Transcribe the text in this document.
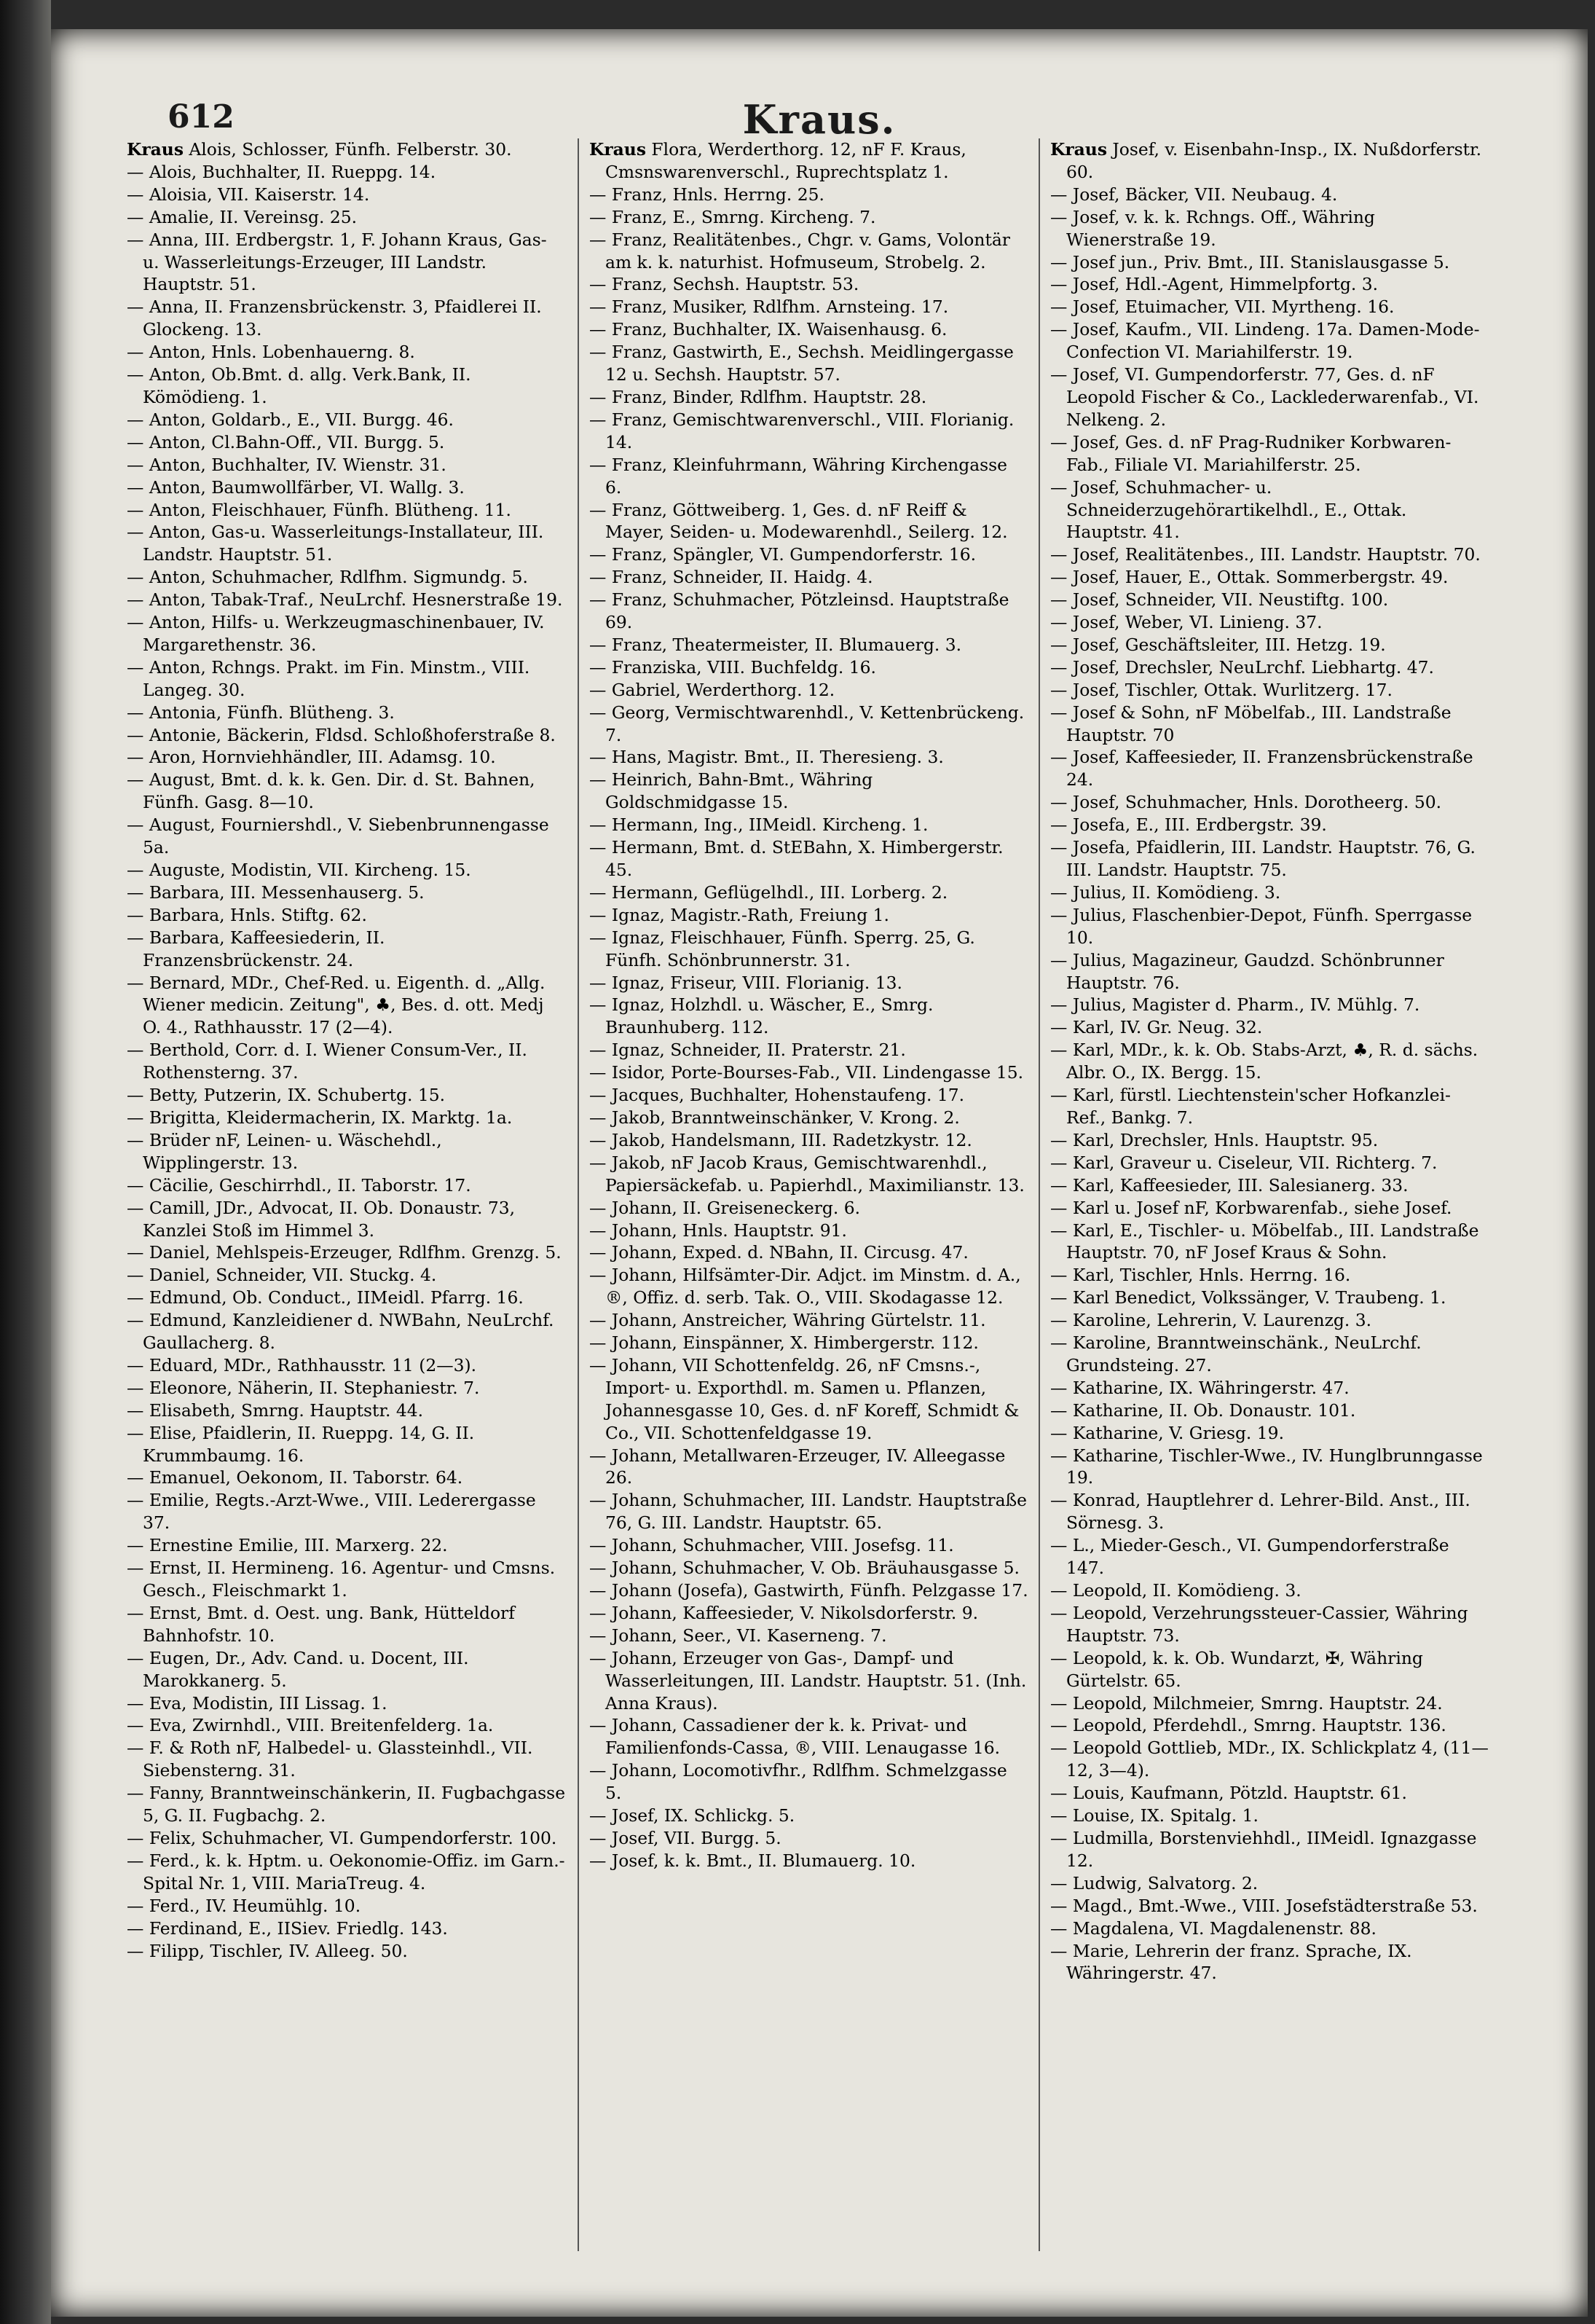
612	Kraus.

Kraus Alois, Schlosser, Fünfh. Felberstr. 30.

— Alois, Buchhalter, II. Rueppg. 14.

— Aloisia, VII. Kaiserstr. 14.

— Amalie, II. Vereinsg. 25.

— Anna, III. Erdbergstr. 1, F. Johann Kraus, Gas- u. Wasserleitungs-Erzeuger, III Landstr. Hauptstr. 51.

— Anna, II. Franzensbrückenstr. 3, Pfaidlerei II. Glockeng. 13.

— Anton, Hnls. Lobenhauerng. 8.

— Anton, Ob.Bmt. d. allg. Verk.Bank, II. Kömödieng. 1.

— Anton, Goldarb., E., VII. Burgg. 46.

— Anton, Cl.Bahn-Off., VII. Burgg. 5.

— Anton, Buchhalter, IV. Wienstr. 31.

— Anton, Baumwollfärber, VI. Wallg. 3.

— Anton, Fleischhauer, Fünfh. Blütheng. 11.

— Anton, Gas-u. Wasserleitungs-Installateur, III. Landstr. Hauptstr. 51.

— Anton, Schuhmacher, Rdlfhm. Sigmundg. 5.

— Anton, Tabak-Traf., NeuLrchf. Hesnerstraße 19.

— Anton, Hilfs- u. Werkzeugmaschinenbauer, IV. Margarethenstr. 36.

— Anton, Rchngs. Prakt. im Fin. Minstm., VIII. Langeg. 30.

— Antonia, Fünfh. Blütheng. 3.

— Antonie, Bäckerin, Fldsd. Schloßhoferstraße 8.

— Aron, Hornviehhändler, III. Adamsg. 10.

— August, Bmt. d. k. k. Gen. Dir. d. St. Bahnen, Fünfh. Gasg. 8—10.

— August, Fourniershdl., V. Siebenbrunnengasse 5a.

— Auguste, Modistin, VII. Kircheng. 15.

— Barbara, III. Messenhauserg. 5.

— Barbara, Hnls. Stiftg. 62.

— Barbara, Kaffeesiederin, II. Franzensbrückenstr. 24.

— Bernard, MDr., Chef-Red. u. Eigenth. d. „Allg. Wiener medicin. Zeitung", ♣, Bes. d. ott. Medj O. 4., Rathhausstr. 17 (2—4).

— Berthold, Corr. d. I. Wiener Consum-Ver., II. Rothensterng. 37.

— Betty, Putzerin, IX. Schubertg. 15.

— Brigitta, Kleidermacherin, IX. Marktg. 1a.

— Brüder nF, Leinen- u. Wäschehdl., Wipplingerstr. 13.

— Cäcilie, Geschirrhdl., II. Taborstr. 17.

— Camill, JDr., Advocat, II. Ob. Donaustr. 73, Kanzlei Stoß im Himmel 3.

— Daniel, Mehlspeis-Erzeuger, Rdlfhm. Grenzg. 5.

— Daniel, Schneider, VII. Stuckg. 4.

— Edmund, Ob. Conduct., IIMeidl. Pfarrg. 16.

— Edmund, Kanzleidiener d. NWBahn, NeuLrchf. Gaullacherg. 8.

— Eduard, MDr., Rathhausstr. 11 (2—3).

— Eleonore, Näherin, II. Stephaniestr. 7.

— Elisabeth, Smrng. Hauptstr. 44.

— Elise, Pfaidlerin, II. Rueppg. 14, G. II. Krummbaumg. 16.

— Emanuel, Oekonom, II. Taborstr. 64.

— Emilie, Regts.-Arzt-Wwe., VIII. Lederergasse 37.

— Ernestine Emilie, III. Marxerg. 22.

— Ernst, II. Hermineng. 16. Agentur- und Cmsns. Gesch., Fleischmarkt 1.

— Ernst, Bmt. d. Oest. ung. Bank, Hütteldorf Bahnhofstr. 10.

— Eugen, Dr., Adv. Cand. u. Docent, III. Marokkanerg. 5.

— Eva, Modistin, III Lissag. 1.

— Eva, Zwirnhdl., VIII. Breitenfelderg. 1a.

— F. & Roth nF, Halbedel- u. Glassteinhdl., VII. Siebensterng. 31.

— Fanny, Branntweinschänkerin, II. Fugbachgasse 5, G. II. Fugbachg. 2.

— Felix, Schuhmacher, VI. Gumpendorferstr. 100.

— Ferd., k. k. Hptm. u. Oekonomie-Offiz. im Garn.-Spital Nr. 1, VIII. MariaTreug. 4.

— Ferd., IV. Heumühlg. 10.

— Ferdinand, E., IISiev. Friedlg. 143.

— Filipp, Tischler, IV. Alleeg. 50.

Kraus Flora, Werderthorg. 12, nF F. Kraus, Cmsnswarenverschl., Ruprechtsplatz 1.

— Franz, Hnls. Herrng. 25.

— Franz, E., Smrng. Kircheng. 7.

— Franz, Realitätenbes., Chgr. v. Gams, Volontär am k. k. naturhist. Hofmuseum, Strobelg. 2.

— Franz, Sechsh. Hauptstr. 53.

— Franz, Musiker, Rdlfhm. Arnsteing. 17.

— Franz, Buchhalter, IX. Waisenhausg. 6.

— Franz, Gastwirth, E., Sechsh. Meidlingergasse 12 u. Sechsh. Hauptstr. 57.

— Franz, Binder, Rdlfhm. Hauptstr. 28.

— Franz, Gemischtwarenverschl., VIII. Florianig. 14.

— Franz, Kleinfuhrmann, Währing Kirchengasse 6.

— Franz, Göttweiberg. 1, Ges. d. nF Reiff & Mayer, Seiden- u. Modewarenhdl., Seilerg. 12.

— Franz, Spängler, VI. Gumpendorferstr. 16.

— Franz, Schneider, II. Haidg. 4.

— Franz, Schuhmacher, Pötzleinsd. Hauptstraße 69.

— Franz, Theatermeister, II. Blumauerg. 3.

— Franziska, VIII. Buchfeldg. 16.

— Gabriel, Werderthorg. 12.

— Georg, Vermischtwarenhdl., V. Kettenbrückeng. 7.

— Hans, Magistr. Bmt., II. Theresieng. 3.

— Heinrich, Bahn-Bmt., Währing Goldschmidgasse 15.

— Hermann, Ing., IIMeidl. Kircheng. 1.

— Hermann, Bmt. d. StEBahn, X. Himbergerstr. 45.

— Hermann, Geflügelhdl., III. Lorberg. 2.

— Ignaz, Magistr.-Rath, Freiung 1.

— Ignaz, Fleischhauer, Fünfh. Sperrg. 25, G. Fünfh. Schönbrunnerstr. 31.

— Ignaz, Friseur, VIII. Florianig. 13.

— Ignaz, Holzhdl. u. Wäscher, E., Smrg. Braunhuberg. 112.

— Ignaz, Schneider, II. Praterstr. 21.

— Isidor, Porte-Bourses-Fab., VII. Lindengasse 15.

— Jacques, Buchhalter, Hohenstaufeng. 17.

— Jakob, Branntweinschänker, V. Krong. 2.

— Jakob, Handelsmann, III. Radetzkystr. 12.

— Jakob, nF Jacob Kraus, Gemischtwarenhdl., Papiersäckefab. u. Papierhdl., Maximilianstr. 13.

— Johann, II. Greiseneckerg. 6.

— Johann, Hnls. Hauptstr. 91.

— Johann, Exped. d. NBahn, II. Circusg. 47.

— Johann, Hilfsämter-Dir. Adjct. im Minstm. d. A., ®, Offiz. d. serb. Tak. O., VIII. Skodagasse 12.

— Johann, Anstreicher, Währing Gürtelstr. 11.

— Johann, Einspänner, X. Himbergerstr. 112.

— Johann, VII Schottenfeldg. 26, nF Cmsns.-, Import- u. Exporthdl. m. Samen u. Pflanzen, Johannesgasse 10, Ges. d. nF Koreff, Schmidt & Co., VII. Schottenfeldgasse 19.

— Johann, Metallwaren-Erzeuger, IV. Alleegasse 26.

— Johann, Schuhmacher, III. Landstr. Hauptstraße 76, G. III. Landstr. Hauptstr. 65.

— Johann, Schuhmacher, VIII. Josefsg. 11.

— Johann, Schuhmacher, V. Ob. Bräuhausgasse 5.

— Johann (Josefa), Gastwirth, Fünfh. Pelzgasse 17.

— Johann, Kaffeesieder, V. Nikolsdorferstr. 9.

— Johann, Seer., VI. Kaserneng. 7.

— Johann, Erzeuger von Gas-, Dampf- und Wasserleitungen, III. Landstr. Hauptstr. 51. (Inh. Anna Kraus).

— Johann, Cassadiener der k. k. Privat- und Familienfonds-Cassa, ®, VIII. Lenaugasse 16.

— Johann, Locomotivfhr., Rdlfhm. Schmelzgasse 5.

— Josef, IX. Schlickg. 5.

— Josef, VII. Burgg. 5.

— Josef, k. k. Bmt., II. Blumauerg. 10.

Kraus Josef, v. Eisenbahn-Insp., IX. Nußdorferstr. 60.

— Josef, Bäcker, VII. Neubaug. 4.

— Josef, v. k. k. Rchngs. Off., Währing Wienerstraße 19.

— Josef jun., Priv. Bmt., III. Stanislausgasse 5.

— Josef, Hdl.-Agent, Himmelpfortg. 3.

— Josef, Etuimacher, VII. Myrtheng. 16.

— Josef, Kaufm., VII. Lindeng. 17a. Damen-Mode-Confection VI. Mariahilferstr. 19.

— Josef, VI. Gumpendorferstr. 77, Ges. d. nF Leopold Fischer & Co., Lacklederwarenfab., VI. Nelkeng. 2.

— Josef, Ges. d. nF Prag-Rudniker Korbwaren-Fab., Filiale VI. Mariahilferstr. 25.

— Josef, Schuhmacher- u. Schneiderzugehörartikelhdl., E., Ottak. Hauptstr. 41.

— Josef, Realitätenbes., III. Landstr. Hauptstr. 70.

— Josef, Hauer, E., Ottak. Sommerbergstr. 49.

— Josef, Schneider, VII. Neustiftg. 100.

— Josef, Weber, VI. Linieng. 37.

— Josef, Geschäftsleiter, III. Hetzg. 19.

— Josef, Drechsler, NeuLrchf. Liebhartg. 47.

— Josef, Tischler, Ottak. Wurlitzerg. 17.

— Josef & Sohn, nF Möbelfab., III. Landstraße Hauptstr. 70

— Josef, Kaffeesieder, II. Franzensbrückenstraße 24.

— Josef, Schuhmacher, Hnls. Dorotheerg. 50.

— Josefa, E., III. Erdbergstr. 39.

— Josefa, Pfaidlerin, III. Landstr. Hauptstr. 76, G. III. Landstr. Hauptstr. 75.

— Julius, II. Komödieng. 3.

— Julius, Flaschenbier-Depot, Fünfh. Sperrgasse 10.

— Julius, Magazineur, Gaudzd. Schönbrunner Hauptstr. 76.

— Julius, Magister d. Pharm., IV. Mühlg. 7.

— Karl, IV. Gr. Neug. 32.

— Karl, MDr., k. k. Ob. Stabs-Arzt, ♣, R. d. sächs. Albr. O., IX. Bergg. 15.

— Karl, fürstl. Liechtenstein'scher Hofkanzlei-Ref., Bankg. 7.

— Karl, Drechsler, Hnls. Hauptstr. 95.

— Karl, Graveur u. Ciseleur, VII. Richterg. 7.

— Karl, Kaffeesieder, III. Salesianerg. 33.

— Karl u. Josef nF, Korbwarenfab., siehe Josef.

— Karl, E., Tischler- u. Möbelfab., III. Landstraße Hauptstr. 70, nF Josef Kraus & Sohn.

— Karl, Tischler, Hnls. Herrng. 16.

— Karl Benedict, Volkssänger, V. Traubeng. 1.

— Karoline, Lehrerin, V. Laurenzg. 3.

— Karoline, Branntweinschänk., NeuLrchf. Grundsteing. 27.

— Katharine, IX. Währingerstr. 47.

— Katharine, II. Ob. Donaustr. 101.

— Katharine, V. Griesg. 19.

— Katharine, Tischler-Wwe., IV. Hunglbrunngasse 19.

— Konrad, Hauptlehrer d. Lehrer-Bild. Anst., III. Sörnesg. 3.

— L., Mieder-Gesch., VI. Gumpendorferstraße 147.

— Leopold, II. Komödieng. 3.

— Leopold, Verzehrungssteuer-Cassier, Währing Hauptstr. 73.

— Leopold, k. k. Ob. Wundarzt, ✠, Währing Gürtelstr. 65.

— Leopold, Milchmeier, Smrng. Hauptstr. 24.

— Leopold, Pferdehdl., Smrng. Hauptstr. 136.

— Leopold Gottlieb, MDr., IX. Schlickplatz 4, (11—12, 3—4).

— Louis, Kaufmann, Pötzld. Hauptstr. 61.

— Louise, IX. Spitalg. 1.

— Ludmilla, Borstenviehhdl., IIMeidl. Ignazgasse 12.

— Ludwig, Salvatorg. 2.

— Magd., Bmt.-Wwe., VIII. Josefstädterstraße 53.

— Magdalena, VI. Magdalenenstr. 88.

— Marie, Lehrerin der franz. Sprache, IX. Währingerstr. 47.
